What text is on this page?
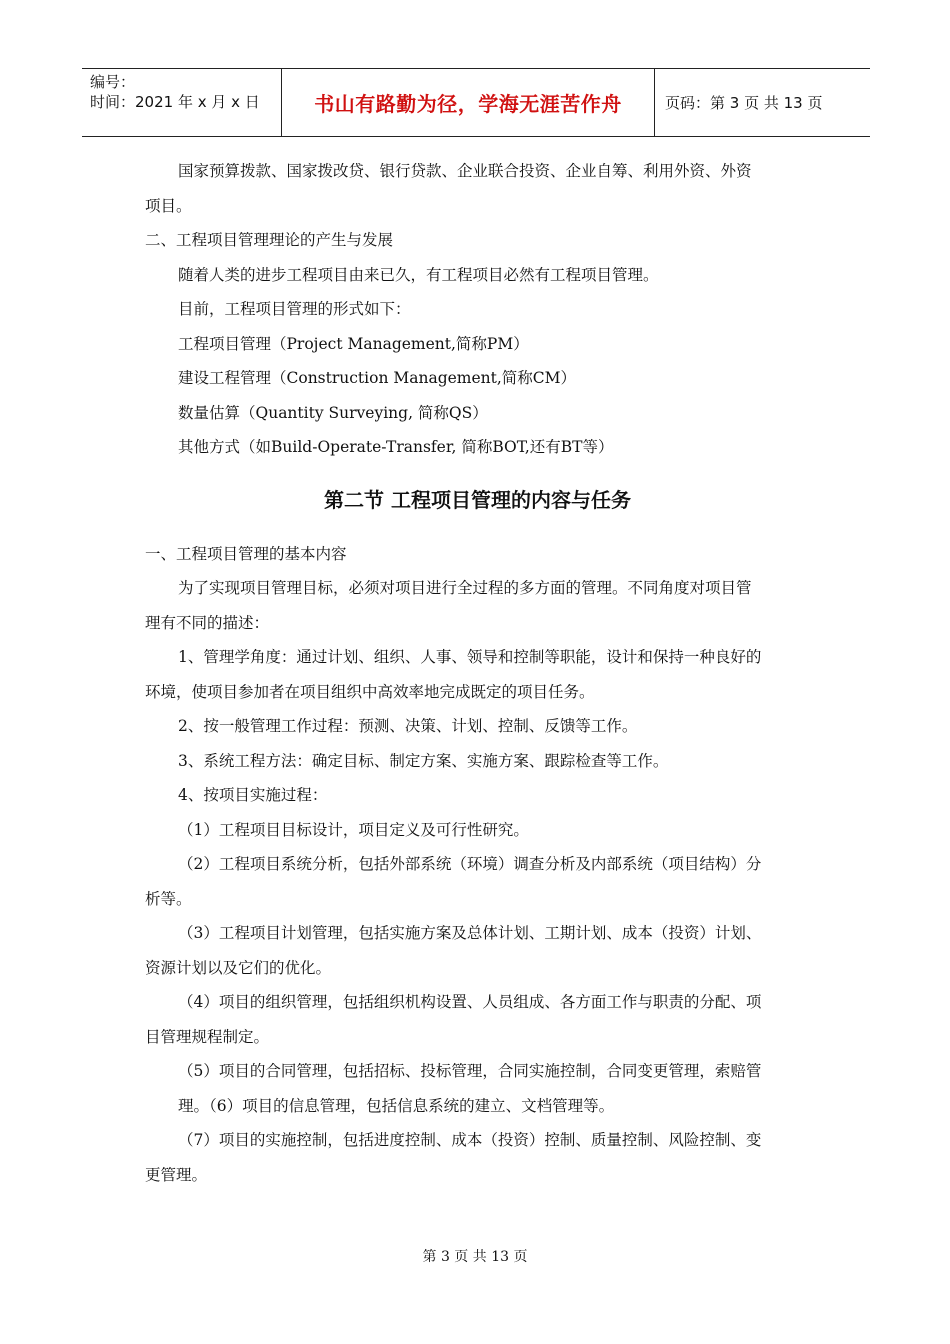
编号：
时间：2021 年 x 月 x 日	书山有路勤为径，学海无涯苦作舟	页码：第 3 页 共 13 页

国家预算拨款、国家拨改贷、银行贷款、企业联合投资、企业自筹、利用外资、外资

项目。

二、工程项目管理理论的产生与发展

随着人类的进步工程项目由来已久，有工程项目必然有工程项目管理。

目前，工程项目管理的形式如下：

工程项目管理（Project Management,简称PM）

建设工程管理（Construction Management,简称CM）

数量估算（Quantity Surveying, 简称QS）

其他方式（如Build-Operate-Transfer, 简称BOT,还有BT等）

第二节 工程项目管理的内容与任务

一、工程项目管理的基本内容

为了实现项目管理目标，必须对项目进行全过程的多方面的管理。不同角度对项目管

理有不同的描述：

1、管理学角度：通过计划、组织、人事、领导和控制等职能，设计和保持一种良好的

环境，使项目参加者在项目组织中高效率地完成既定的项目任务。

2、按一般管理工作过程：预测、决策、计划、控制、反馈等工作。

3、系统工程方法：确定目标、制定方案、实施方案、跟踪检查等工作。

4、按项目实施过程：

（1）工程项目目标设计，项目定义及可行性研究。

（2）工程项目系统分析，包括外部系统（环境）调查分析及内部系统（项目结构）分

析等。

（3）工程项目计划管理，包括实施方案及总体计划、工期计划、成本（投资）计划、

资源计划以及它们的优化。

（4）项目的组织管理，包括组织机构设置、人员组成、各方面工作与职责的分配、项

目管理规程制定。

（5）项目的合同管理，包括招标、投标管理，合同实施控制，合同变更管理，索赔管

理。（6）项目的信息管理，包括信息系统的建立、文档管理等。

（7）项目的实施控制，包括进度控制、成本（投资）控制、质量控制、风险控制、变

更管理。

第 3 页 共 13 页
